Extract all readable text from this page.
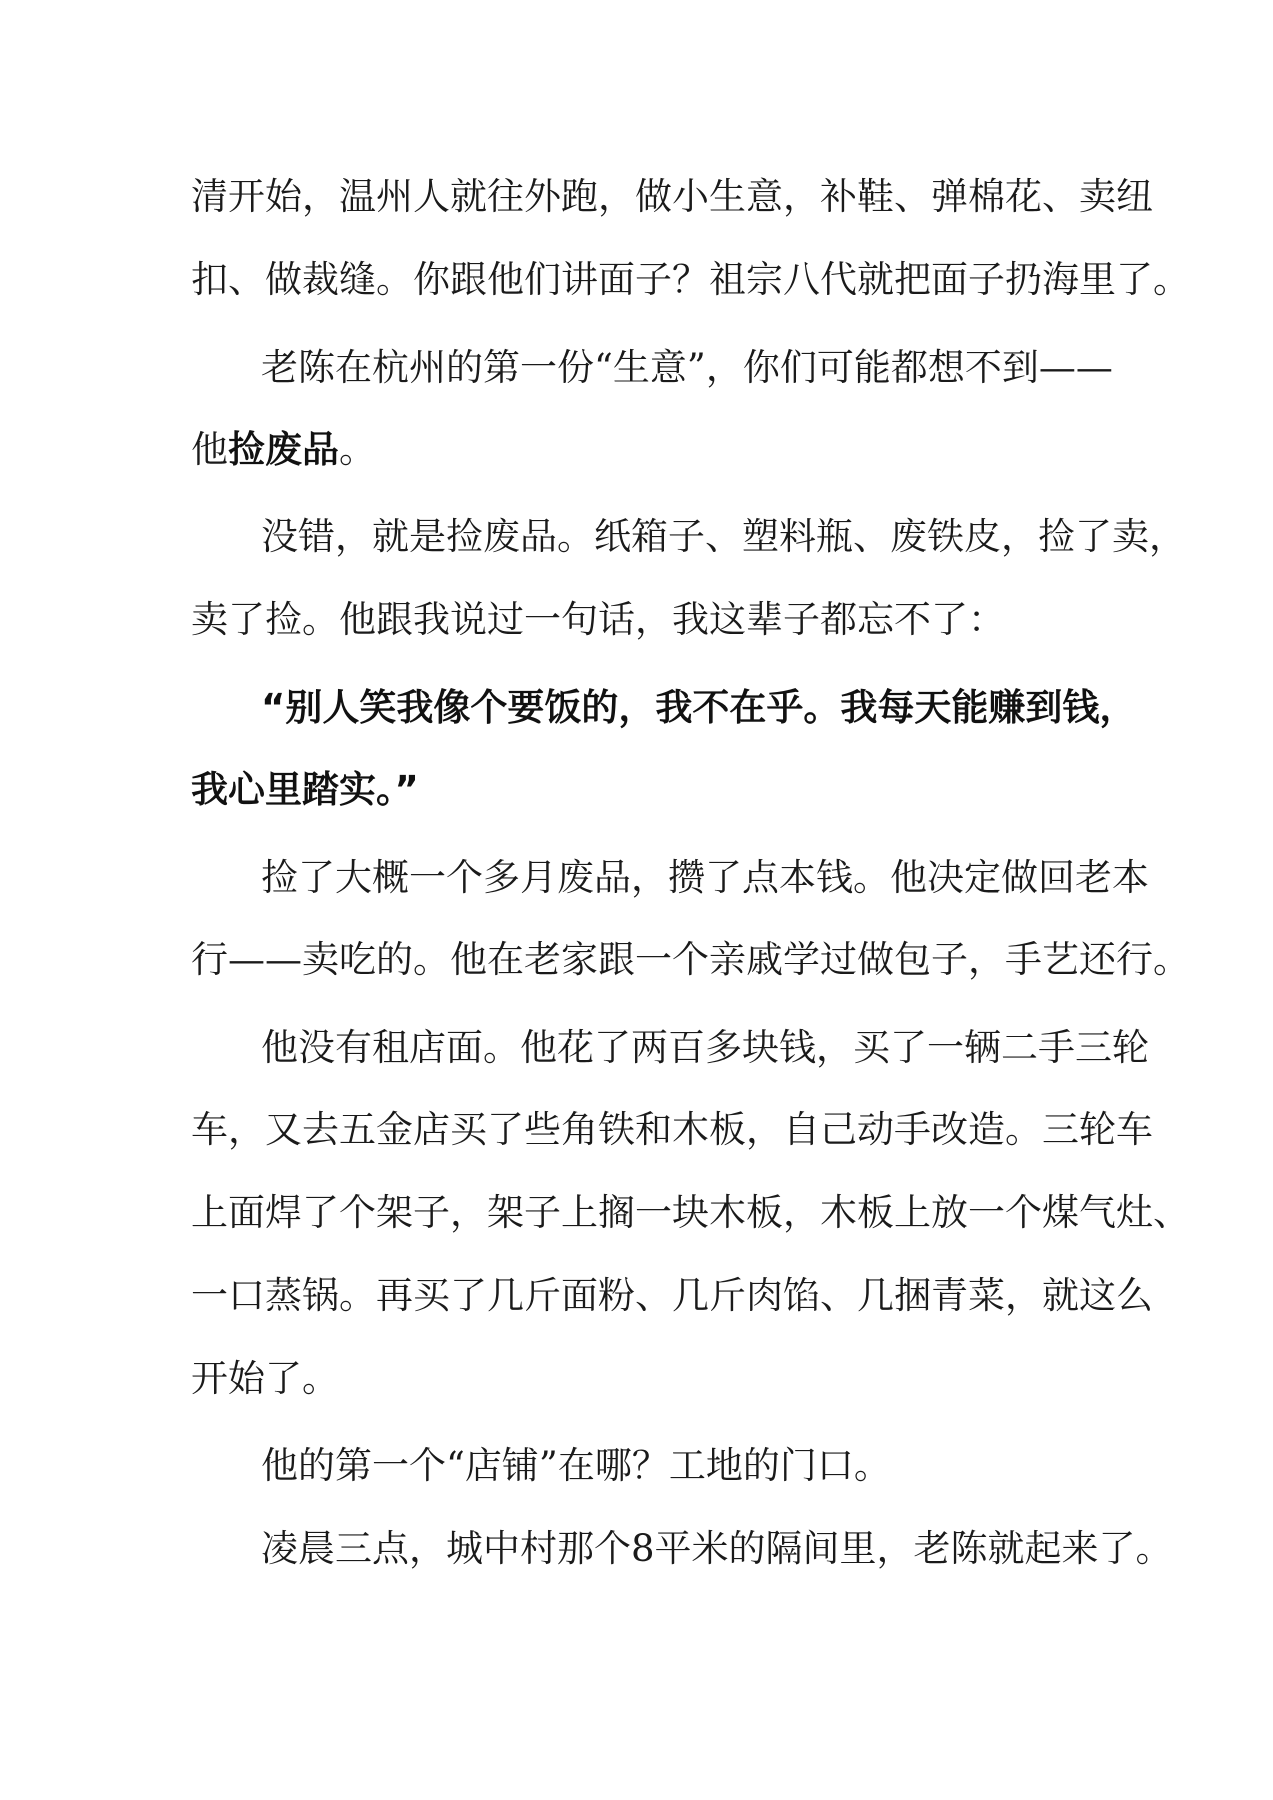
清开始，温州人就往外跑，做小生意，补鞋、弹棉花、卖纽
扣、做裁缝。你跟他们讲面子？祖宗八代就把面子扔海里了。
老陈在杭州的第一份“生意”，你们可能都想不到——
他捡废品。
没错，就是捡废品。纸箱子、塑料瓶、废铁皮，捡了卖，
卖了捡。他跟我说过一句话，我这辈子都忘不了：
“别人笑我像个要饭的，我不在乎。我每天能赚到钱，
我心里踏实。”
捡了大概一个多月废品，攒了点本钱。他决定做回老本
行——卖吃的。他在老家跟一个亲戚学过做包子，手艺还行。
他没有租店面。他花了两百多块钱，买了一辆二手三轮
车，又去五金店买了些角铁和木板，自己动手改造。三轮车
上面焊了个架子，架子上搁一块木板，木板上放一个煤气灶、
一口蒸锅。再买了几斤面粉、几斤肉馅、几捆青菜，就这么
开始了。
他的第一个“店铺”在哪？工地的门口。
凌晨三点，城中村那个8平米的隔间里，老陈就起来了。
